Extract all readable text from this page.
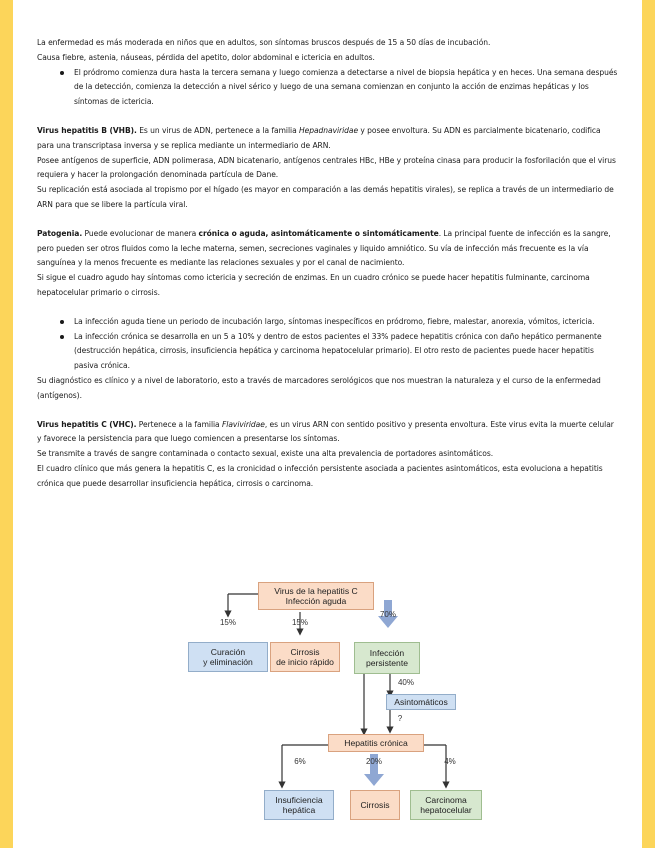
La enfermedad es más moderada en niños que en adultos, son síntomas bruscos después de 15 a 50 días de incubación.

Causa fiebre, astenia, náuseas, pérdida del apetito, dolor abdominal e ictericia en adultos.

El pródromo comienza dura hasta la tercera semana y luego comienza a detectarse a nivel de biopsia hepática y en heces. Una semana después de la detección, comienza la detección a nivel sérico y luego de una semana comienzan en conjunto la acción de enzimas hepáticas y los síntomas de ictericia.

Virus hepatitis B (VHB). Es un virus de ADN, pertenece a la familia Hepadnaviridae y posee envoltura. Su ADN es parcialmente bicatenario, codifica para una transcriptasa inversa y se replica mediante un intermediario de ARN.

Posee antígenos de superficie, ADN polimerasa, ADN bicatenario, antígenos centrales HBc, HBe y proteína cinasa para producir la fosforilación que el virus requiera y hacer la prolongación denominada partícula de Dane.

Su replicación está asociada al tropismo por el hígado (es mayor en comparación a las demás hepatitis virales), se replica a través de un intermediario de ARN para que se libere la partícula viral.

Patogenia. Puede evolucionar de manera crónica o aguda, asintomáticamente o sintomáticamente. La principal fuente de infección es la sangre, pero pueden ser otros fluidos como la leche materna, semen, secreciones vaginales y liquido amniótico. Su vía de infección más frecuente es la vía sanguínea y la menos frecuente es mediante las relaciones sexuales y por el canal de nacimiento.

Si sigue el cuadro agudo hay síntomas como ictericia y secreción de enzimas. En un cuadro crónico se puede hacer hepatitis fulminante, carcinoma hepatocelular primario o cirrosis.

La infección aguda tiene un periodo de incubación largo, síntomas inespecíficos en pródromo, fiebre, malestar, anorexia, vómitos, ictericia.
La infección crónica se desarrolla en un 5 a 10% y dentro de estos pacientes el 33% padece hepatitis crónica con daño hepático permanente (destrucción hepática, cirrosis, insuficiencia hepática y carcinoma hepatocelular primario). El otro resto de pacientes puede hacer hepatitis pasiva crónica.

Su diagnóstico es clínico y a nivel de laboratorio, esto a través de marcadores serológicos que nos muestran la naturaleza y el curso de la enfermedad (antígenos).

Virus hepatitis C (VHC). Pertenece a la familia Flaviviridae, es un virus ARN con sentido positivo y presenta envoltura. Este virus evita la muerte celular y favorece la persistencia para que luego comiencen a presentarse los síntomas.

Se transmite a través de sangre contaminada o contacto sexual, existe una alta prevalencia de portadores asintomáticos.

El cuadro clínico que más genera la hepatitis C, es la cronicidad o infección persistente asociada a pacientes asintomáticos, esta evoluciona a hepatitis crónica que puede desarrollar insuficiencia hepática, cirrosis o carcinoma.

Virus de la hepatitis C
Infección aguda
15%	15%
70%
Curación
y eliminación
Cirrosis
de inicio rápido
Infección
persistente
40%
Asintomáticos
?
Hepatitis crónica
6%	20%	4%
Insuficiencia
hepática	Cirrosis	Carcinoma
hepatocelular
